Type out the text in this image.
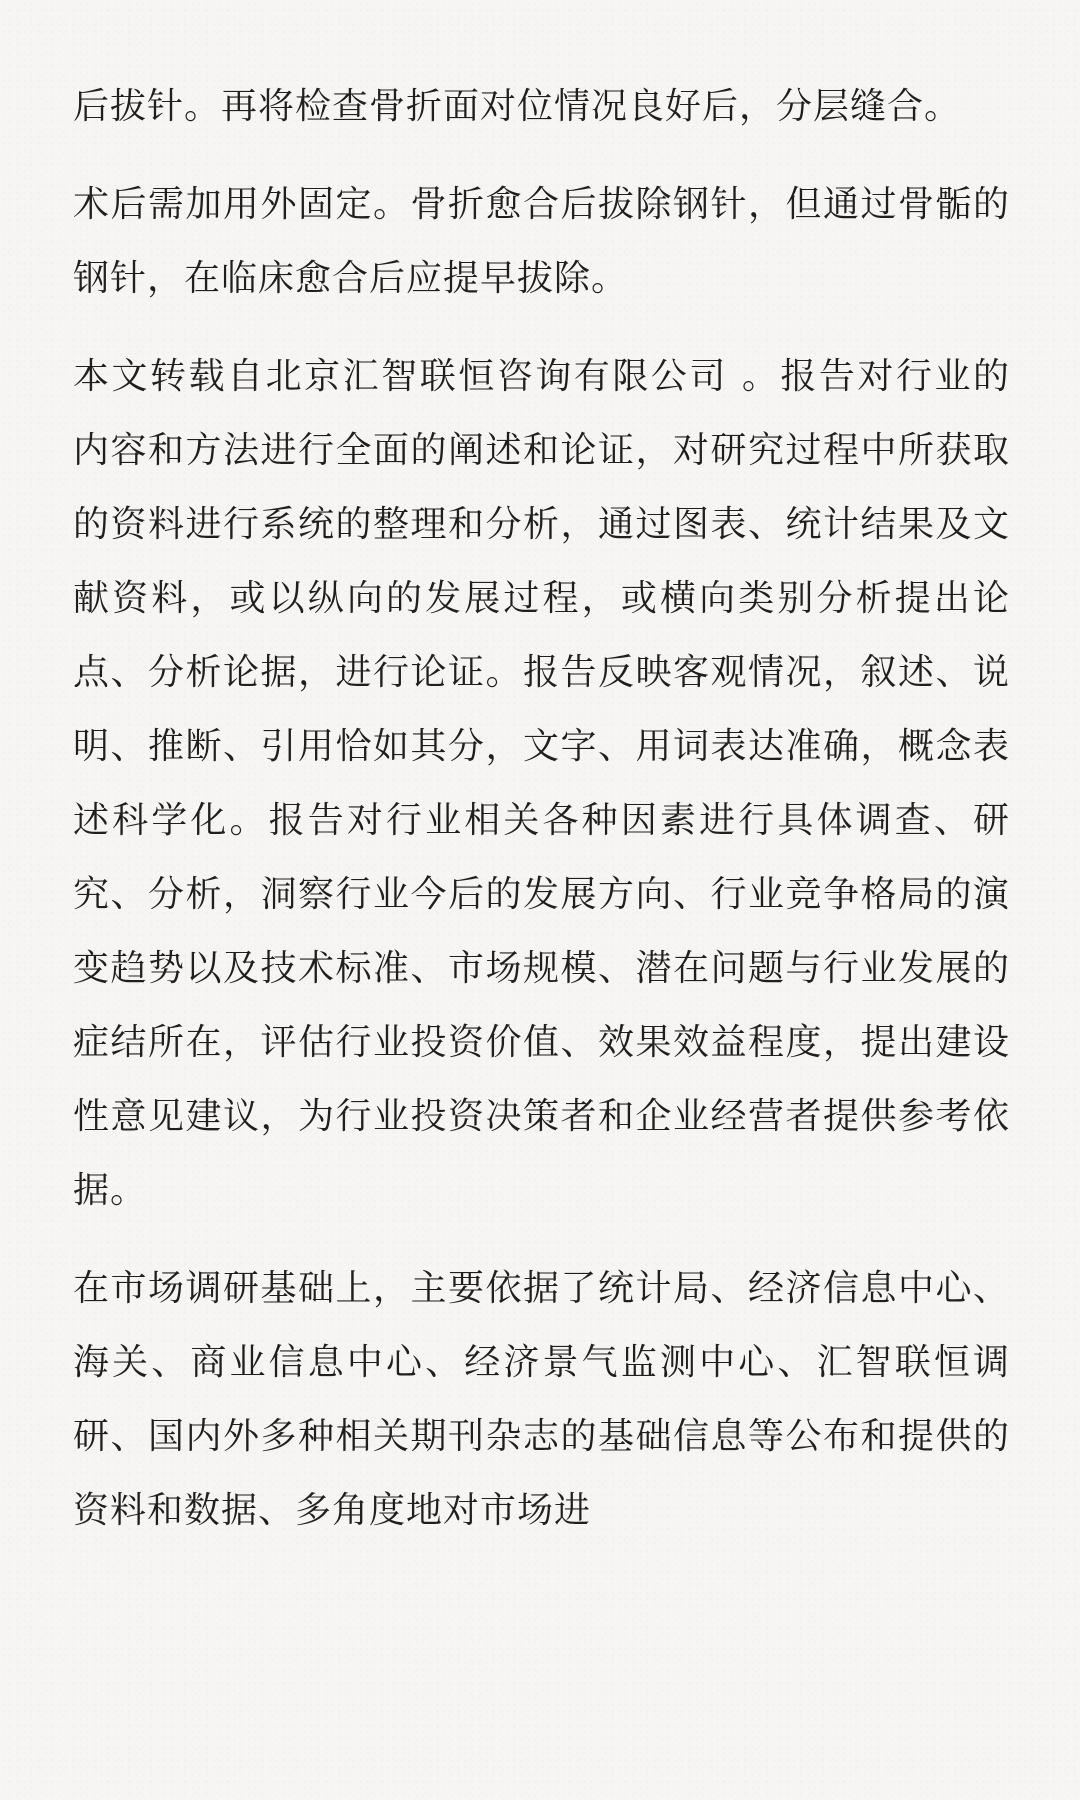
后拔针。再将检查骨折面对位情况良好后，分层缝合。

术后需加用外固定。骨折愈合后拔除钢针，但通过骨骺的钢针，在临床愈合后应提早拔除。

本文转载自北京汇智联恒咨询有限公司 。报告对行业的内容和方法进行全面的阐述和论证，对研究过程中所获取的资料进行系统的整理和分析，通过图表、统计结果及文献资料，或以纵向的发展过程，或横向类别分析提出论点、分析论据，进行论证。报告反映客观情况，叙述、说明、推断、引用恰如其分，文字、用词表达准确，概念表述科学化。报告对行业相关各种因素进行具体调查、研究、分析，洞察行业今后的发展方向、行业竞争格局的演变趋势以及技术标准、市场规模、潜在问题与行业发展的症结所在，评估行业投资价值、效果效益程度，提出建设性意见建议，为行业投资决策者和企业经营者提供参考依据。

在市场调研基础上，主要依据了统计局、经济信息中心、海关、商业信息中心、经济景气监测中心、汇智联恒调研、国内外多种相关期刊杂志的基础信息等公布和提供的资料和数据、多角度地对市场进
